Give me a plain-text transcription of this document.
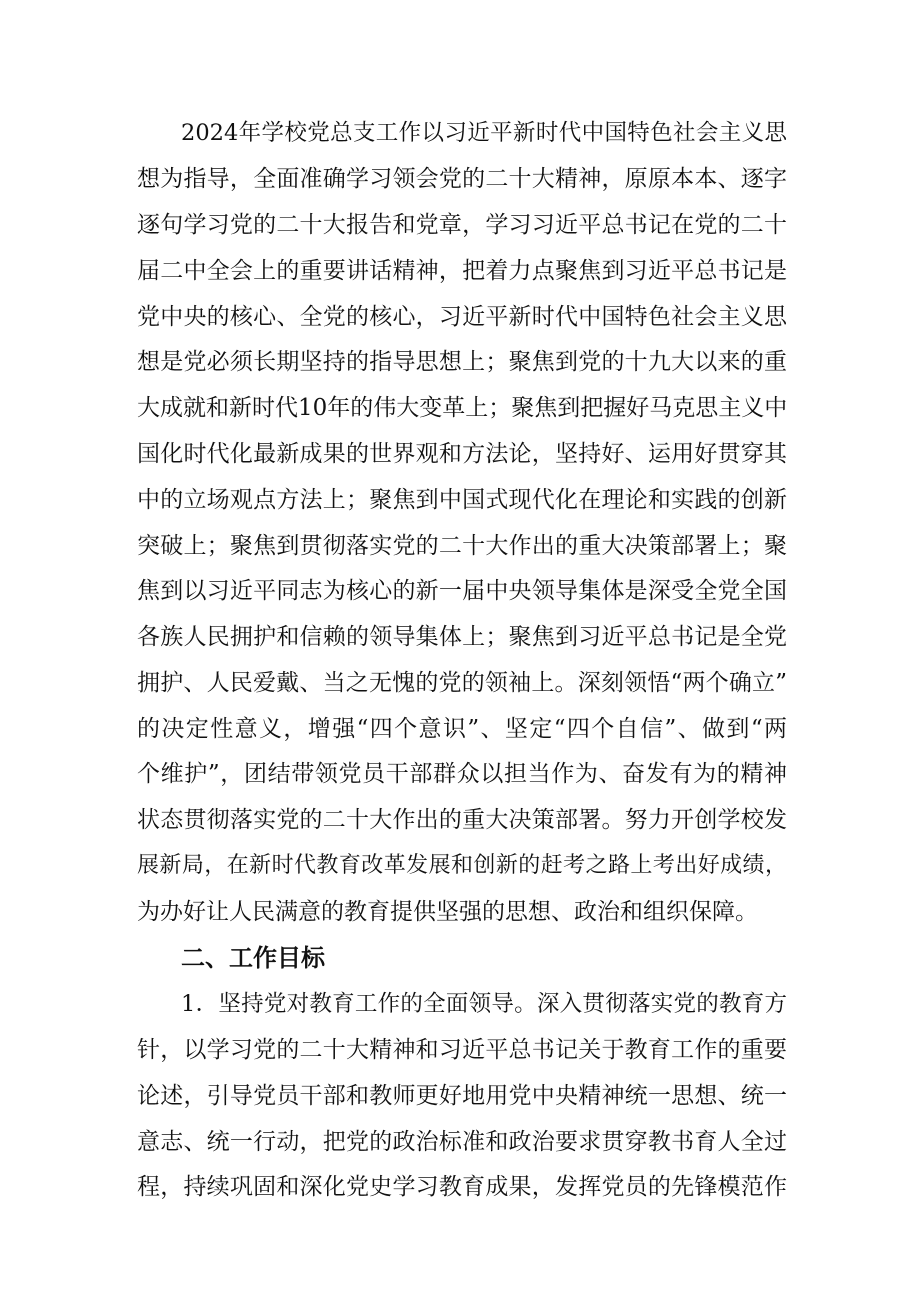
2024年学校党总支工作以习近平新时代中国特色社会主义思
想为指导，全面准确学习领会党的二十大精神，原原本本、逐字
逐句学习党的二十大报告和党章，学习习近平总书记在党的二十
届二中全会上的重要讲话精神，把着力点聚焦到习近平总书记是
党中央的核心、全党的核心，习近平新时代中国特色社会主义思
想是党必须长期坚持的指导思想上；聚焦到党的十九大以来的重
大成就和新时代10年的伟大变革上；聚焦到把握好马克思主义中
国化时代化最新成果的世界观和方法论，坚持好、运用好贯穿其
中的立场观点方法上；聚焦到中国式现代化在理论和实践的创新
突破上；聚焦到贯彻落实党的二十大作出的重大决策部署上；聚
焦到以习近平同志为核心的新一届中央领导集体是深受全党全国
各族人民拥护和信赖的领导集体上；聚焦到习近平总书记是全党
拥护、人民爱戴、当之无愧的党的领袖上。深刻领悟“两个确立”
的决定性意义，增强“四个意识”、坚定“四个自信”、做到“两
个维护”，团结带领党员干部群众以担当作为、奋发有为的精神
状态贯彻落实党的二十大作出的重大决策部署。努力开创学校发
展新局，在新时代教育改革发展和创新的赶考之路上考出好成绩，
为办好让人民满意的教育提供坚强的思想、政治和组织保障。
二、工作目标
1．坚持党对教育工作的全面领导。深入贯彻落实党的教育方
针，以学习党的二十大精神和习近平总书记关于教育工作的重要
论述，引导党员干部和教师更好地用党中央精神统一思想、统一
意志、统一行动，把党的政治标准和政治要求贯穿教书育人全过
程，持续巩固和深化党史学习教育成果，发挥党员的先锋模范作
